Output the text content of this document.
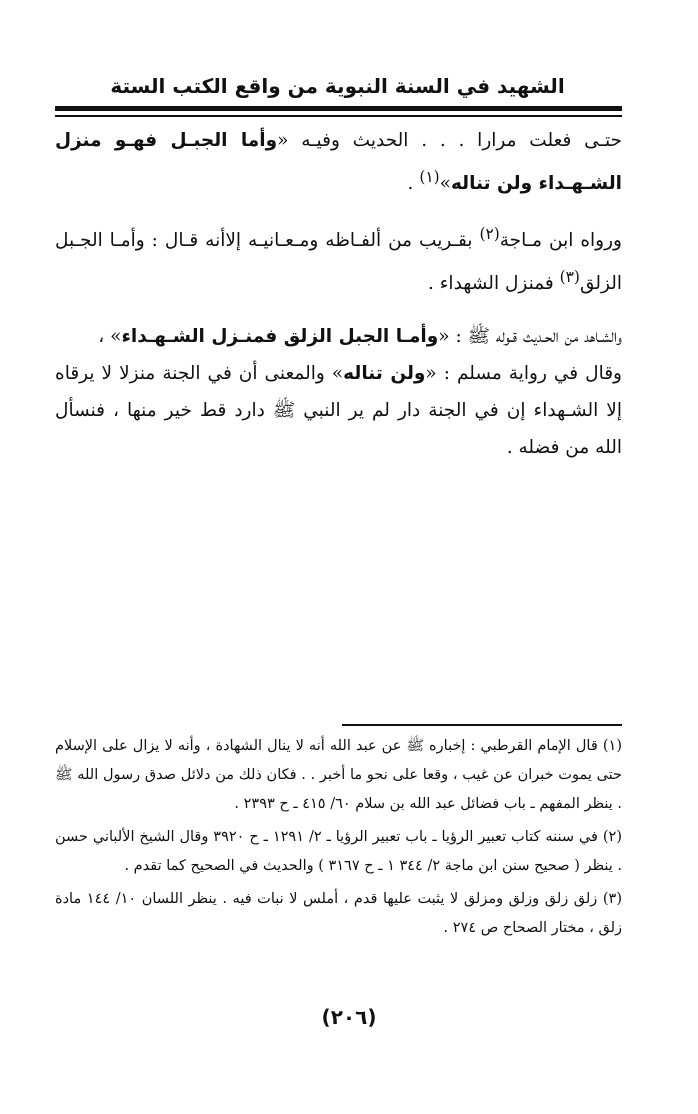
الشهيد في السنة النبوية من واقع الكتب الستة

حتـى فعلت مرارا . . . الحديث وفيـه «وأما الجبـل فهـو منزل الشـهـداء ولن تناله»$^{(١)}$ .

ورواه ابن مـاجة$^{(٢)}$ بقـريب من ألفـاظه ومـعـانيـه إلاأنه قـال : وأمـا الجـبل الزلق$^{(٣)}$ فمنزل الشهداء .

والشـاهد من الحـديث قـوله ﷺ : «وأمـا الجبل الزلق فمنـزل الشـهـداء» ،
وقال في رواية مسلم : «ولن تناله» والمعنى أن في الجنة منزلا لا يرقاه إلا الشـهداء إن في الجنة دار لم ير النبي ﷺ دارد قط خير منها ، فنسأل الله من فضله .

(١) قال الإمام القرطبي : إخباره ﷺ عن عبد الله أنه لا ينال الشهادة ، وأنه لا يزال على الإسلام حتى يموت خبران عن غيب ، وقعا على نحو ما أخبر . . فكان ذلك من دلائل صدق رسول الله ﷺ . ينظر المفهم ـ باب فضائل عبد الله بن سلام ٦٠/ ٤١٥ ـ ح ٢٣٩٣ .

(٢) في سننه كتاب تعبير الرؤيا ـ باب تعبير الرؤيا ـ ٢/ ١٢٩١ ـ ح ٣٩٢٠ وقال الشيخ الألباني حسن . ينظر ( صحيح سنن ابن ماجة ٢/ ٣٤٤ ١ ـ ح ٣١٦٧ ) والحديث في الصحيح كما تقدم .

(٣) زلق زلق وزلق ومزلق لا يثبت عليها قدم ، أملس لا نبات فيه . ينظر اللسان ١٠/ ١٤٤ مادة زلق ، مختار الصحاح ص ٢٧٤ .

(٢٠٦)
